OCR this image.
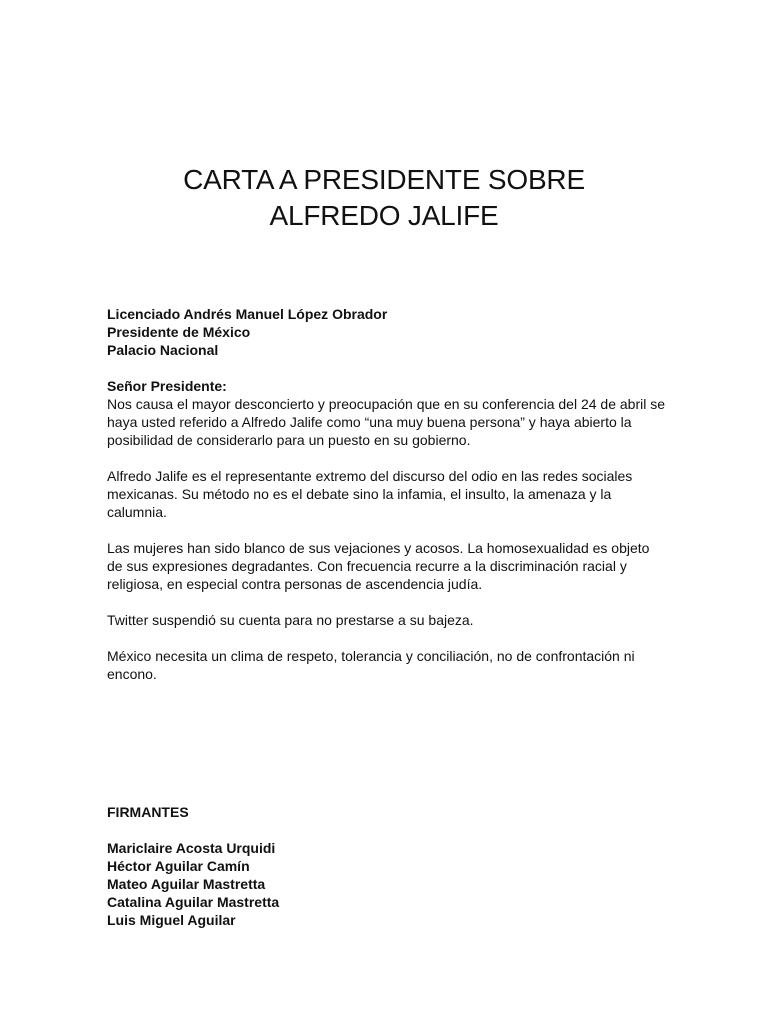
CARTA A PRESIDENTE SOBRE
ALFREDO JALIFE
Licenciado Andrés Manuel López Obrador
Presidente de México
Palacio Nacional
Señor Presidente:

Nos causa el mayor desconcierto y preocupación que en su conferencia del 24 de abril se haya usted referido a Alfredo Jalife como “una muy buena persona” y haya abierto la posibilidad de considerarlo para un puesto en su gobierno.

Alfredo Jalife es el representante extremo del discurso del odio en las redes sociales mexicanas. Su método no es el debate sino la infamia, el insulto, la amenaza y la calumnia.

Las mujeres han sido blanco de sus vejaciones y acosos. La homosexualidad es objeto de sus expresiones degradantes. Con frecuencia recurre a la discriminación racial y religiosa, en especial contra personas de ascendencia judía.

Twitter suspendió su cuenta para no prestarse a su bajeza.

México necesita un clima de respeto, tolerancia y conciliación, no de confrontación ni encono.

FIRMANTES
Mariclaire Acosta Urquidi
Héctor Aguilar Camín
Mateo Aguilar Mastretta
Catalina Aguilar Mastretta
Luis Miguel Aguilar
